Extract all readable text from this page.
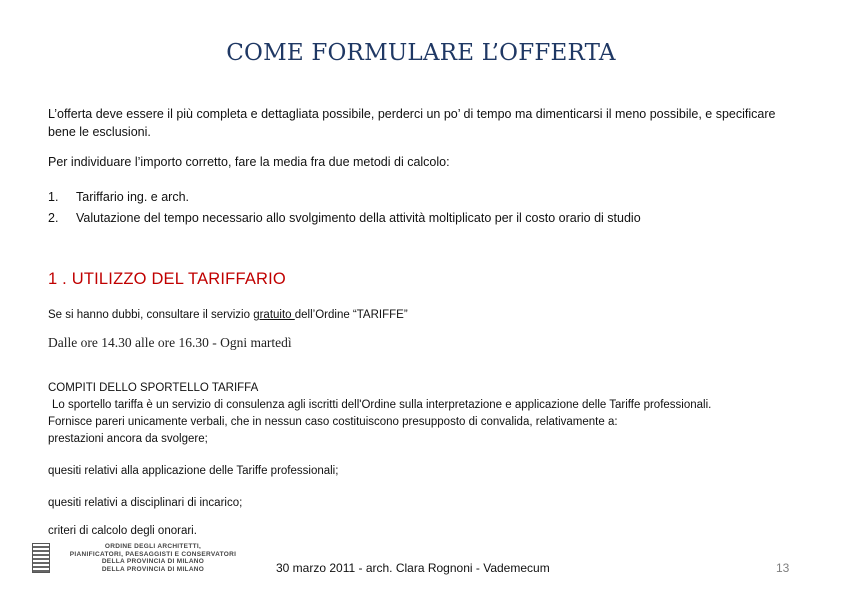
COME FORMULARE L’OFFERTA
L’offerta deve essere il più completa e dettagliata possibile, perderci un po’ di tempo ma dimenticarsi il meno possibile, e specificare bene le esclusioni.
Per individuare l’importo corretto, fare la media fra due metodi di calcolo:
1.	Tariffario ing. e arch.
2.	Valutazione del tempo necessario allo svolgimento della attività moltiplicato per il costo orario di studio
1 . UTILIZZO DEL TARIFFARIO
Se si hanno dubbi, consultare il servizio gratuito dell’Ordine “TARIFFE”
Dalle ore 14.30 alle ore 16.30 - Ogni martedì
COMPITI DELLO SPORTELLO TARIFFA
Lo sportello tariffa è un servizio di consulenza agli iscritti dell'Ordine sulla interpretazione e applicazione delle Tariffe professionali.
Fornisce pareri unicamente verbali, che in nessun caso costituiscono presupposto di convalida, relativamente a:
prestazioni ancora da svolgere;
quesiti relativi alla applicazione delle Tariffe professionali;
quesiti relativi a disciplinari di incarico;
criteri di calcolo degli onorari.
ORDINE DEGLI ARCHITETTI,
PIANIFICATORI, PAESAGGISTI E CONSERVATORI
DELLA PROVINCIA DI MILANO
DELLA PROVINCIA DI MILANO	30 marzo 2011 - arch. Clara Rognoni - Vademecum	13
